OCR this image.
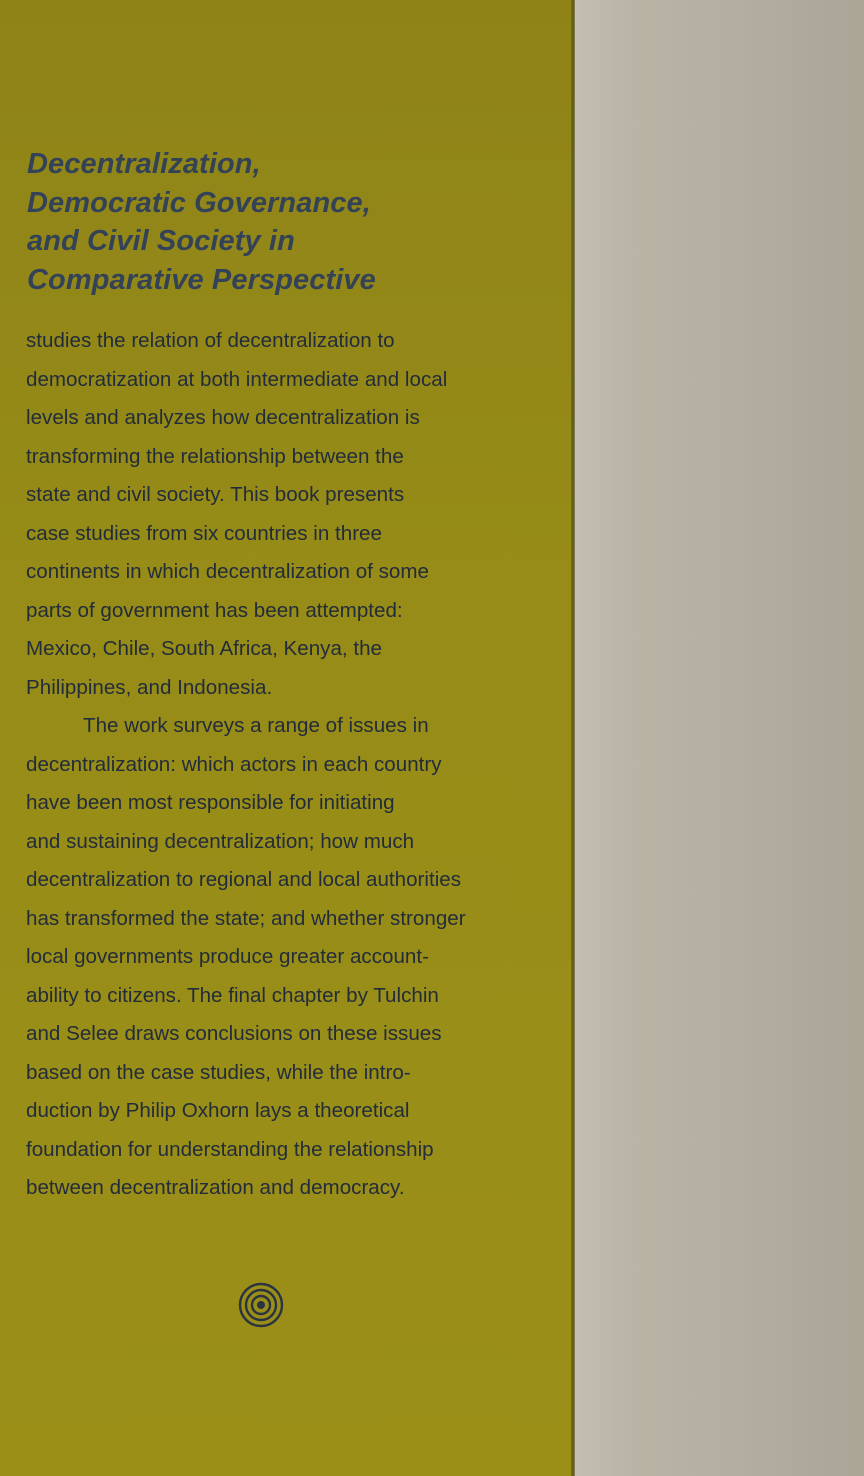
Decentralization,
Democratic Governance,
and Civil Society in
Comparative Perspective
studies the relation of decentralization to
democratization at both intermediate and local
levels and analyzes how decentralization is
transforming the relationship between the
state and civil society. This book presents
case studies from six countries in three
continents in which decentralization of some
parts of government has been attempted:
Mexico, Chile, South Africa, Kenya, the
Philippines, and Indonesia.
The work surveys a range of issues in
decentralization: which actors in each country
have been most responsible for initiating
and sustaining decentralization; how much
decentralization to regional and local authorities
has transformed the state; and whether stronger
local governments produce greater account-
ability to citizens. The final chapter by Tulchin
and Selee draws conclusions on these issues
based on the case studies, while the intro-
duction by Philip Oxhorn lays a theoretical
foundation for understanding the relationship
between decentralization and democracy.
